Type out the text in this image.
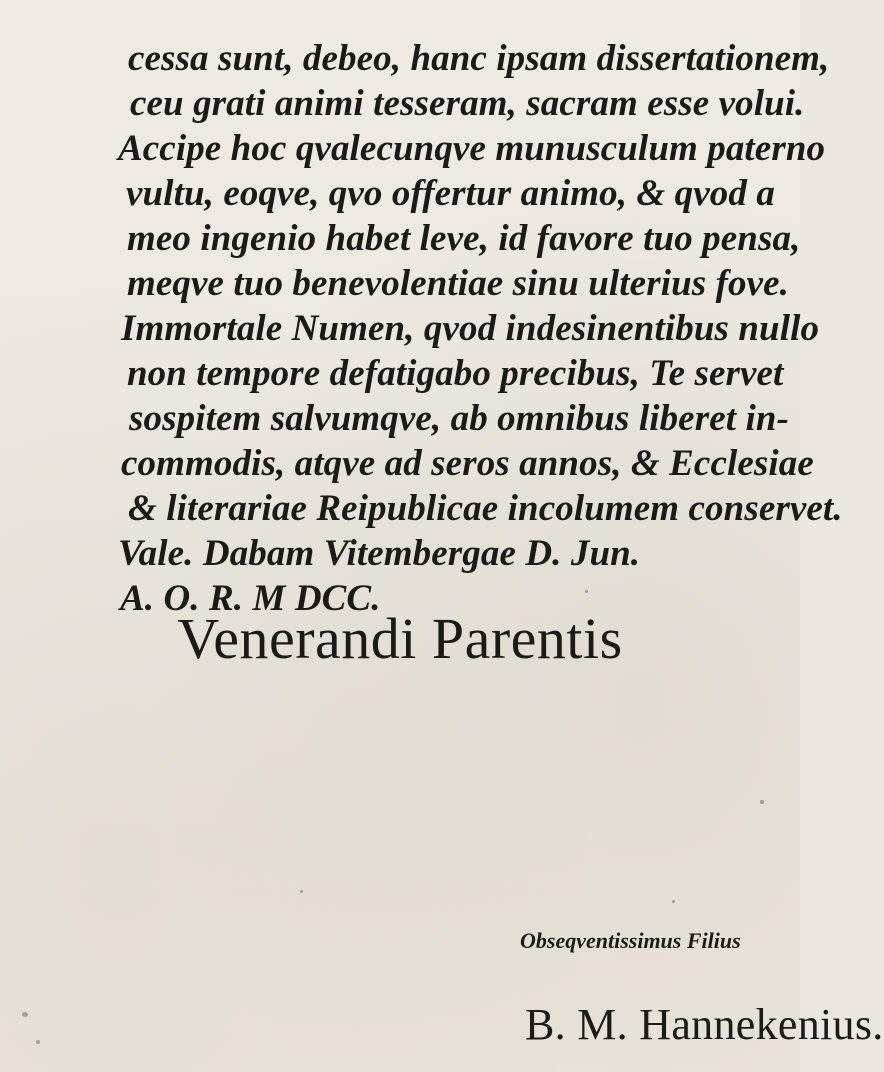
cessa sunt, debeo, hanc ipsam dissertationem,
ceu grati animi tesseram, sacram esse volui.
Accipe hoc qvalecunqve munusculum paterno
vultu, eoqve, qvo offertur animo, & qvod a
meo ingenio habet leve, id favore tuo pensa,
meqve tuo benevolentiae sinu ulterius fove.
Immortale Numen, qvod indesinentibus nullo
non tempore defatigabo precibus, Te servet
sospitem salvumqve, ab omnibus liberet in-
commodis, atqve ad seros annos, & Ecclesiae
& literariae Reipublicae incolumem conservet.
Vale. Dabam Vitembergae D. Jun.
A. O. R. M DCC.
Venerandi Parentis
Obseqventissimus Filius
B. M. Hannekenius.
